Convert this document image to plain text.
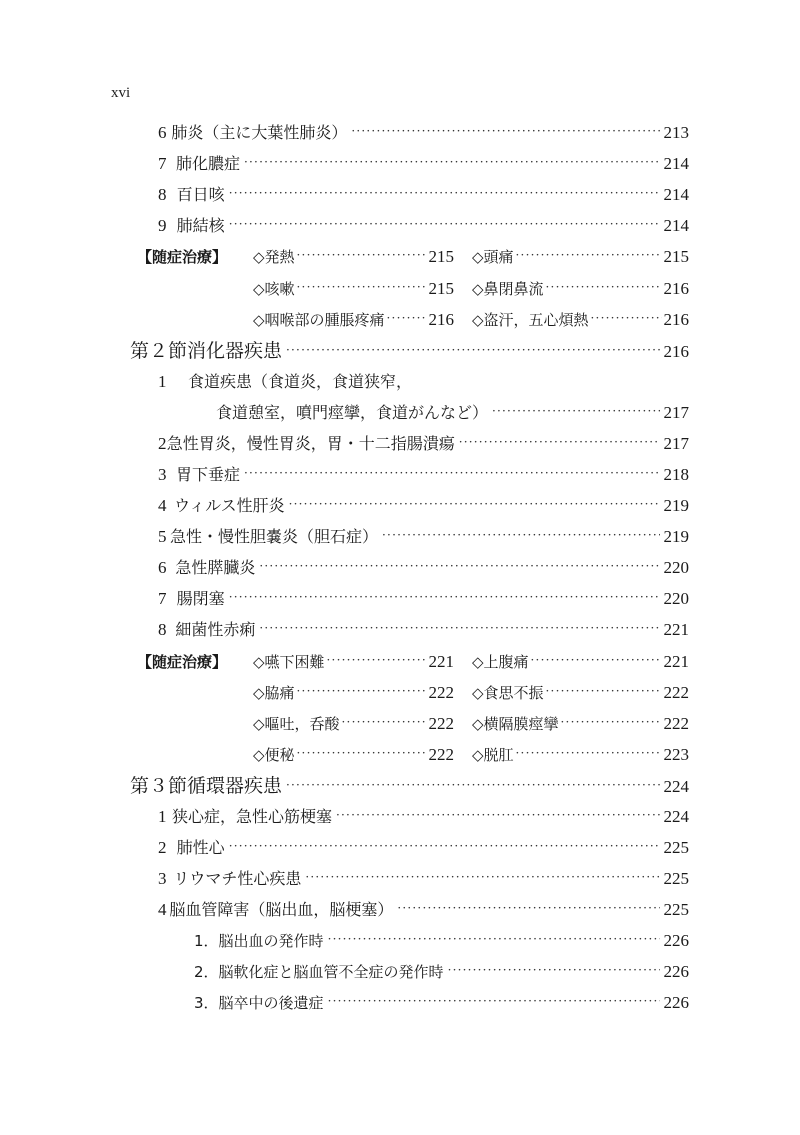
xvi
6 肺炎（主に大葉性肺炎） ·····	213
7 肺化膿症 ·····	214
8 百日咳 ·····	214
9 肺結核 ·····	214
【随症治療】 ◇発熱 ·····	215 ◇頭痛 ·····	215
◇咳嗽 ·····	215 ◇鼻閉鼻流 ·····	216
◇咽喉部の腫脹疼痛 ·····	216 ◇盗汗，五心煩熱 ·····	216
第２節 消化器疾患 ·····	216
1	食道疾患（食道炎，食道狭窄，
食道憩室，噴門痙攣，食道がんなど） ·····	217
2 急性胃炎，慢性胃炎，胃・十二指腸潰瘍 ·····	217
3 胃下垂症 ·····	218
4 ウィルス性肝炎 ·····	219
5 急性・慢性胆嚢炎（胆石症） ·····	219
6 急性膵臓炎 ·····	220
7 腸閉塞 ·····	220
8 細菌性赤痢 ·····	221
【随症治療】 ◇嚥下困難 ·····	221 ◇上腹痛 ·····	221
◇脇痛 ·····	222 ◇食思不振 ·····	222
◇嘔吐，呑酸 ·····	222 ◇横隔膜痙攣 ·····	222
◇便秘 ·····	222 ◇脱肛 ·····	223
第３節 循環器疾患 ·····	224
1 狭心症，急性心筋梗塞 ·····	224
2 肺性心 ·····	225
3 リウマチ性心疾患 ·····	225
4 脳血管障害（脳出血，脳梗塞） ·····	225
1． 脳出血の発作時 ·····	226
2． 脳軟化症と脳血管不全症の発作時 ·····	226
3． 脳卒中の後遺症 ·····	226
